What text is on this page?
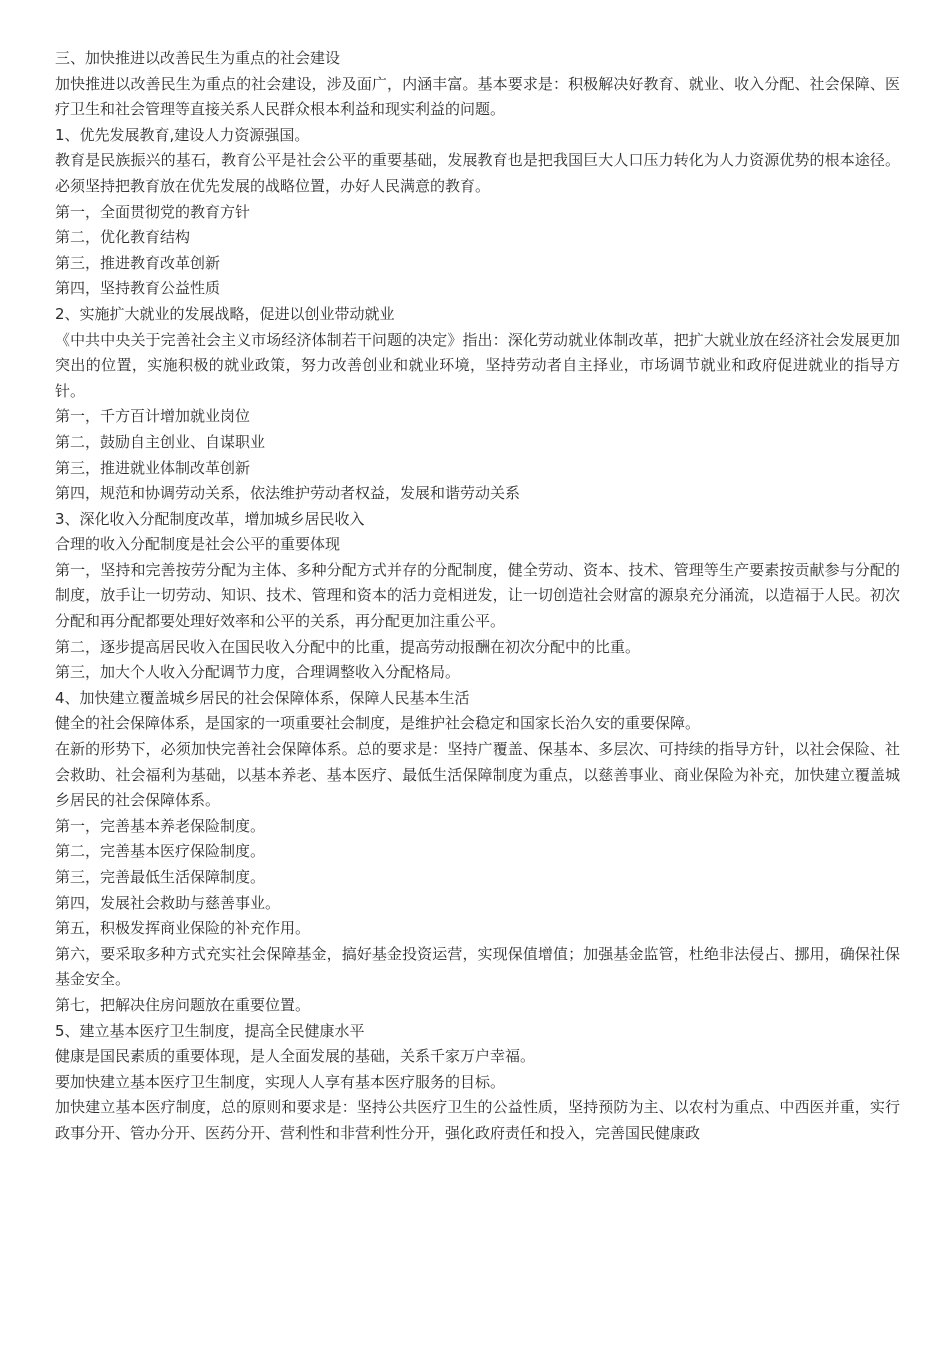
三、加快推进以改善民生为重点的社会建设

加快推进以改善民生为重点的社会建设，涉及面广，内涵丰富。基本要求是：积极解决好教育、就业、收入分配、社会保障、医疗卫生和社会管理等直接关系人民群众根本利益和现实利益的问题。

1、优先发展教育,建设人力资源强国。

教育是民族振兴的基石，教育公平是社会公平的重要基础，发展教育也是把我国巨大人口压力转化为人力资源优势的根本途径。必须坚持把教育放在优先发展的战略位置，办好人民满意的教育。

第一，全面贯彻党的教育方针

第二，优化教育结构

第三，推进教育改革创新

第四，坚持教育公益性质

2、实施扩大就业的发展战略，促进以创业带动就业

《中共中央关于完善社会主义市场经济体制若干问题的决定》指出：深化劳动就业体制改革，把扩大就业放在经济社会发展更加突出的位置，实施积极的就业政策，努力改善创业和就业环境，坚持劳动者自主择业，市场调节就业和政府促进就业的指导方针。

第一，千方百计增加就业岗位

第二，鼓励自主创业、自谋职业

第三，推进就业体制改革创新

第四，规范和协调劳动关系，依法维护劳动者权益，发展和谐劳动关系

3、深化收入分配制度改革，增加城乡居民收入

合理的收入分配制度是社会公平的重要体现

第一，坚持和完善按劳分配为主体、多种分配方式并存的分配制度，健全劳动、资本、技术、管理等生产要素按贡献参与分配的制度，放手让一切劳动、知识、技术、管理和资本的活力竞相迸发，让一切创造社会财富的源泉充分涌流，以造福于人民。初次分配和再分配都要处理好效率和公平的关系，再分配更加注重公平。

第二，逐步提高居民收入在国民收入分配中的比重，提高劳动报酬在初次分配中的比重。

第三，加大个人收入分配调节力度，合理调整收入分配格局。

4、加快建立覆盖城乡居民的社会保障体系，保障人民基本生活

健全的社会保障体系，是国家的一项重要社会制度，是维护社会稳定和国家长治久安的重要保障。

在新的形势下，必须加快完善社会保障体系。总的要求是：坚持广覆盖、保基本、多层次、可持续的指导方针，以社会保险、社会救助、社会福利为基础，以基本养老、基本医疗、最低生活保障制度为重点，以慈善事业、商业保险为补充，加快建立覆盖城乡居民的社会保障体系。

第一，完善基本养老保险制度。

第二，完善基本医疗保险制度。

第三，完善最低生活保障制度。

第四，发展社会救助与慈善事业。

第五，积极发挥商业保险的补充作用。

第六，要采取多种方式充实社会保障基金，搞好基金投资运营，实现保值增值；加强基金监管，杜绝非法侵占、挪用，确保社保基金安全。

第七，把解决住房问题放在重要位置。

5、建立基本医疗卫生制度，提高全民健康水平

健康是国民素质的重要体现，是人全面发展的基础，关系千家万户幸福。

要加快建立基本医疗卫生制度，实现人人享有基本医疗服务的目标。

加快建立基本医疗制度，总的原则和要求是：坚持公共医疗卫生的公益性质，坚持预防为主、以农村为重点、中西医并重，实行政事分开、管办分开、医药分开、营利性和非营利性分开，强化政府责任和投入，完善国民健康政
